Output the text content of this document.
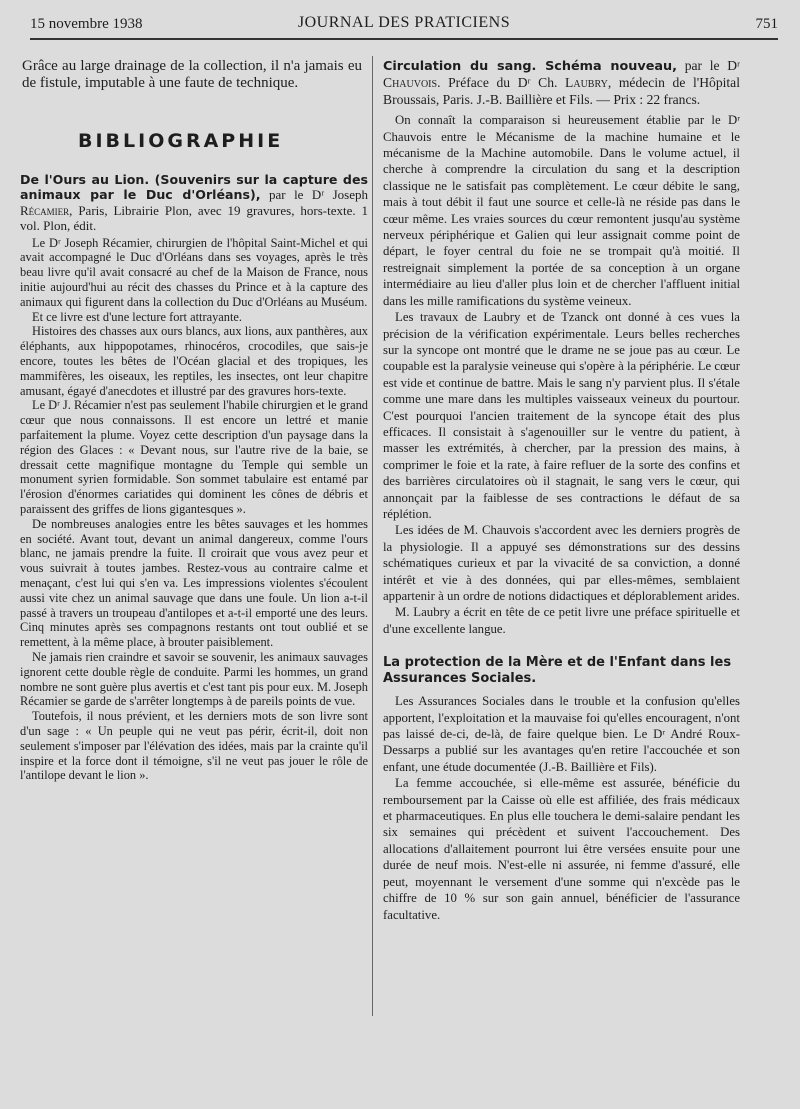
15 novembre 1938	JOURNAL DES PRATICIENS	751

Grâce au large drainage de la collection, il n'a jamais eu de fistule, imputable à une faute de technique.

BIBLIOGRAPHIE
De l'Ours au Lion. (Souvenirs sur la capture des animaux par le Duc d'Orléans), par le Dʳ Joseph Récamier, Paris, Librairie Plon, avec 19 gravures, hors-texte. 1 vol. Plon, édit.

Le Dʳ Joseph Récamier, chirurgien de l'hôpital Saint-Michel et qui avait accompagné le Duc d'Orléans dans ses voyages, après le très beau livre qu'il avait consacré au chef de la Maison de France, nous initie aujourd'hui au récit des chasses du Prince et à la capture des animaux qui figurent dans la collection du Duc d'Orléans au Muséum.

Et ce livre est d'une lecture fort attrayante.

Histoires des chasses aux ours blancs, aux lions, aux panthères, aux éléphants, aux hippopotames, rhinocéros, crocodiles, que sais-je encore, toutes les bêtes de l'Océan glacial et des tropiques, les mammifères, les oiseaux, les reptiles, les insectes, ont leur chapitre amusant, égayé d'anecdotes et illustré par des gravures hors-texte.

Le Dʳ J. Récamier n'est pas seulement l'habile chirurgien et le grand cœur que nous connaissons. Il est encore un lettré et manie parfaitement la plume. Voyez cette description d'un paysage dans la région des Glaces : « Devant nous, sur l'autre rive de la baie, se dressait cette magnifique montagne du Temple qui semble un monument syrien formidable. Son sommet tabulaire est entamé par l'érosion d'énormes cariatides qui dominent les cônes de débris et paraissent des griffes de lions gigantesques ».

De nombreuses analogies entre les bêtes sauvages et les hommes en société. Avant tout, devant un animal dangereux, comme l'ours blanc, ne jamais prendre la fuite. Il croirait que vous avez peur et vous suivrait à toutes jambes. Restez-vous au contraire calme et menaçant, c'est lui qui s'en va. Les impressions violentes s'écoulent aussi vite chez un animal sauvage que dans une foule. Un lion a-t-il passé à travers un troupeau d'antilopes et a-t-il emporté une des leurs. Cinq minutes après ses compagnons restants ont tout oublié et se remettent, à la même place, à brouter paisiblement.

Ne jamais rien craindre et savoir se souvenir, les animaux sauvages ignorent cette double règle de conduite. Parmi les hommes, un grand nombre ne sont guère plus avertis et c'est tant pis pour eux. M. Joseph Récamier se garde de s'arrêter longtemps à de pareils points de vue.

Toutefois, il nous prévient, et les derniers mots de son livre sont d'un sage : « Un peuple qui ne veut pas périr, écrit-il, doit non seulement s'imposer par l'élévation des idées, mais par la crainte qu'il inspire et la force dont il témoigne, s'il ne veut pas jouer le rôle de l'antilope devant le lion ».

Circulation du sang. Schéma nouveau, par le Dʳ Chauvois. Préface du Dʳ Ch. Laubry, médecin de l'Hôpital Broussais, Paris. J.-B. Baillière et Fils. — Prix : 22 francs.

On connaît la comparaison si heureusement établie par le Dʳ Chauvois entre le Mécanisme de la machine humaine et le mécanisme de la Machine automobile. Dans le volume actuel, il cherche à comprendre la circulation du sang et la description classique ne le satisfait pas complètement. Le cœur débite le sang, mais à tout débit il faut une source et celle-là ne réside pas dans le cœur même. Les vraies sources du cœur remontent jusqu'au système nerveux périphérique et Galien qui leur assignait comme point de départ, le foyer central du foie ne se trompait qu'à moitié. Il restreignait simplement la portée de sa conception à un organe intermédiaire au lieu d'aller plus loin et de chercher l'affluent initial dans les mille ramifications du système veineux.

Les travaux de Laubry et de Tzanck ont donné à ces vues la précision de la vérification expérimentale. Leurs belles recherches sur la syncope ont montré que le drame ne se joue pas au cœur. Le coupable est la paralysie veineuse qui s'opère à la périphérie. Le cœur est vide et continue de battre. Mais le sang n'y parvient plus. Il s'étale comme une mare dans les multiples vaisseaux veineux du pourtour. C'est pourquoi l'ancien traitement de la syncope était des plus efficaces. Il consistait à s'agenouiller sur le ventre du patient, à masser les extrémités, à chercher, par la pression des mains, à comprimer le foie et la rate, à faire refluer de la sorte des confins et des barrières circulatoires où il stagnait, le sang vers le cœur, qui annonçait par la faiblesse de ses contractions le défaut de sa réplétion.

Les idées de M. Chauvois s'accordent avec les derniers progrès de la physiologie. Il a appuyé ses démonstrations sur des dessins schématiques curieux et par la vivacité de sa conviction, a donné intérêt et vie à des données, qui par elles-mêmes, semblaient appartenir à un ordre de notions didactiques et déplorablement arides.

M. Laubry a écrit en tête de ce petit livre une préface spirituelle et d'une excellente langue.

La protection de la Mère et de l'Enfant dans les Assurances Sociales.

Les Assurances Sociales dans le trouble et la confusion qu'elles apportent, l'exploitation et la mauvaise foi qu'elles encouragent, n'ont pas laissé de-ci, de-là, de faire quelque bien. Le Dʳ André Roux-Dessarps a publié sur les avantages qu'en retire l'accouchée et son enfant, une étude documentée (J.-B. Baillière et Fils).

La femme accouchée, si elle-même est assurée, bénéficie du remboursement par la Caisse où elle est affiliée, des frais médicaux et pharmaceutiques. En plus elle touchera le demi-salaire pendant les six semaines qui précèdent et suivent l'accouchement. Des allocations d'allaitement pourront lui être versées ensuite pour une durée de neuf mois. N'est-elle ni assurée, ni femme d'assuré, elle peut, moyennant le versement d'une somme qui n'excède pas le chiffre de 10 % sur son gain annuel, bénéficier de l'assurance facultative.
